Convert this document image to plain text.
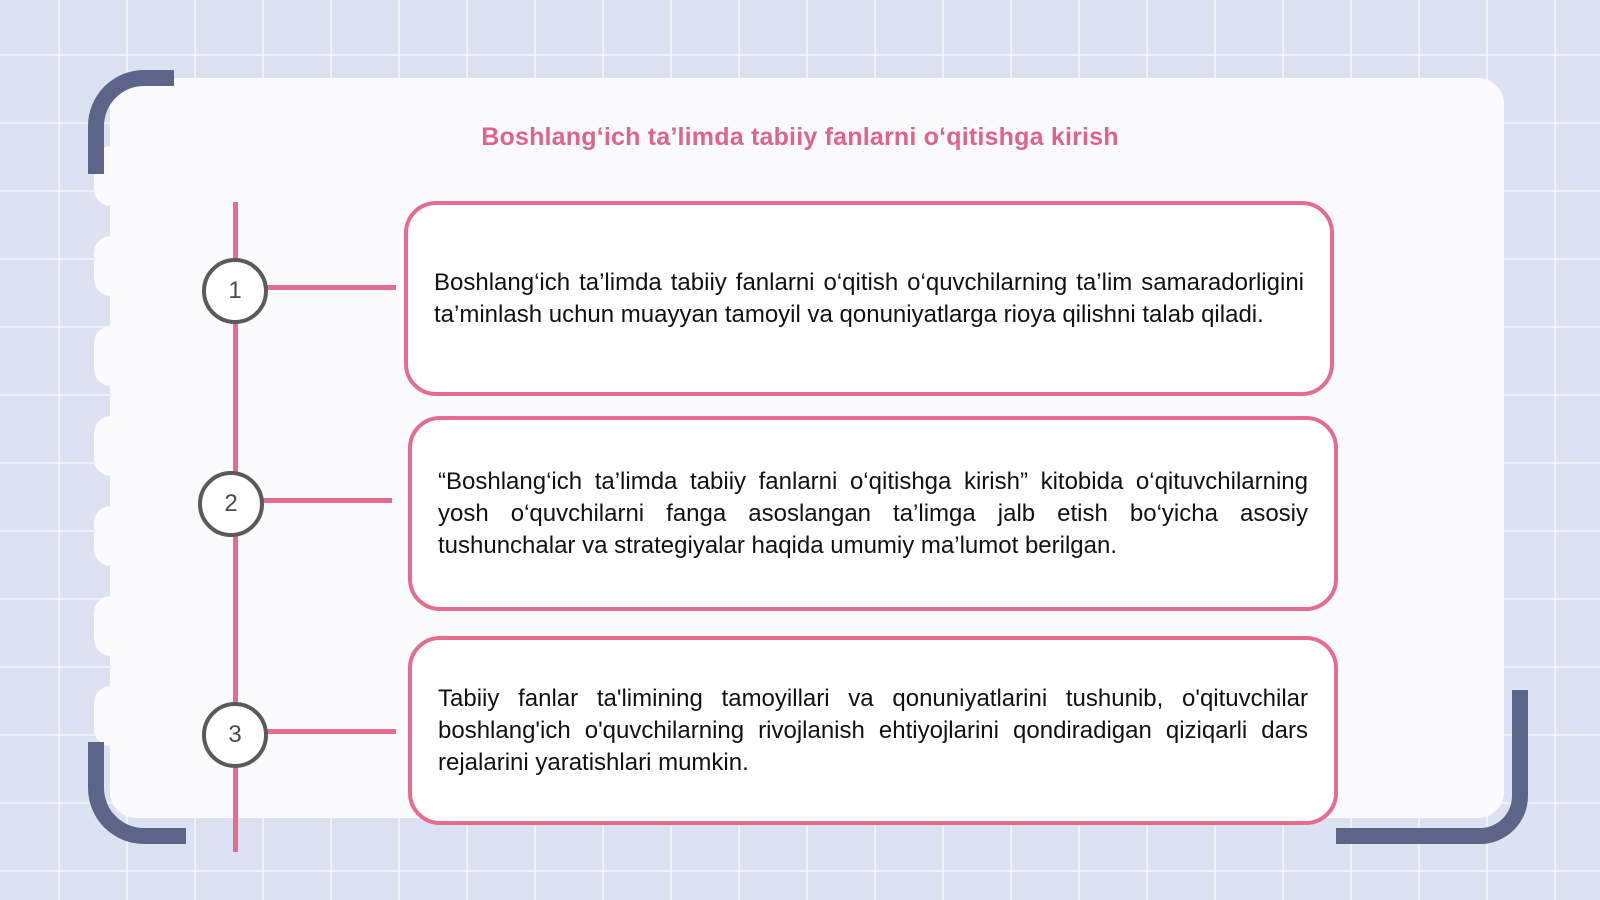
Boshlang‘ich ta’limda tabiiy fanlarni o‘qitishga kirish
1
2
3

Boshlang‘ich ta’limda tabiiy fanlarni o‘qitish o‘quvchilarning ta’lim samaradorligini ta’minlash uchun muayyan tamoyil va qonuniyatlarga rioya qilishni talab qiladi.

“Boshlang‘ich ta’limda tabiiy fanlarni o‘qitishga kirish” kitobida o‘qituvchilarning yosh o‘quvchilarni fanga asoslangan ta’limga jalb etish bo‘yicha asosiy tushunchalar va strategiyalar haqida umumiy ma’lumot berilgan.

Tabiiy fanlar ta'limining tamoyillari va qonuniyatlarini tushunib, o'qituvchilar boshlang'ich o'quvchilarning rivojlanish ehtiyojlarini qondiradigan qiziqarli dars rejalarini yaratishlari mumkin.
